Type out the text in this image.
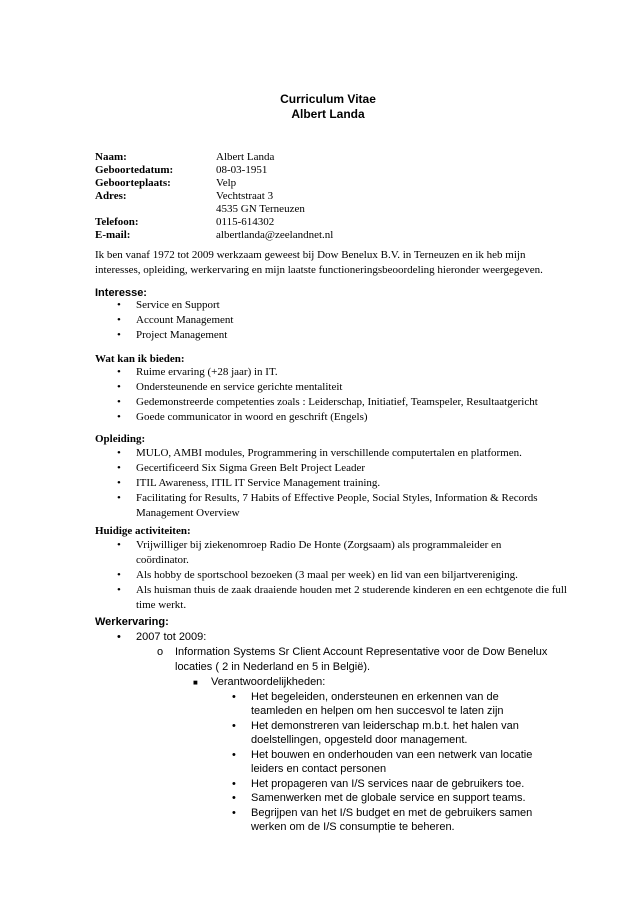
Curriculum Vitae
Albert Landa
Naam:	Albert Landa
Geboortedatum:	08-03-1951
Geboorteplaats:	Velp
Adres:	Vechtstraat 3
4535 GN Terneuzen
Telefoon:	0115-614302
E-mail:	albertlanda@zeelandnet.nl
Ik ben vanaf 1972 tot 2009 werkzaam geweest bij Dow Benelux B.V. in Terneuzen en ik heb mijn interesses, opleiding, werkervaring en mijn laatste functioneringsbeoordeling hieronder weergegeven.
Interesse:
• Service en Support
• Account Management
• Project Management
Wat kan ik bieden:
• Ruime ervaring (+28 jaar) in IT.
• Ondersteunende en service gerichte mentaliteit
• Gedemonstreerde competenties zoals : Leiderschap, Initiatief, Teamspeler, Resultaatgericht
• Goede communicator in woord en geschrift (Engels)
Opleiding:
• MULO, AMBI modules, Programmering in verschillende computertalen en platformen.
• Gecertificeerd Six Sigma Green Belt Project Leader
• ITIL Awareness, ITIL IT Service Management training.
• Facilitating for Results, 7 Habits of Effective People, Social Styles, Information & Records Management Overview
Huidige activiteiten:
• Vrijwilliger bij ziekenomroep Radio De Honte (Zorgsaam) als programmaleider en coördinator.
• Als hobby de sportschool bezoeken (3 maal per week) en lid van een biljartvereniging.
• Als huisman thuis de zaak draaiende houden met 2 studerende kinderen en een echtgenote die full time werkt.
Werkervaring:
• 2007 tot 2009:
o Information Systems Sr Client Account Representative voor de Dow Benelux
locaties ( 2 in Nederland en 5 in België).
■ Verantwoordelijkheden:
• Het begeleiden, ondersteunen en erkennen van de
teamleden en helpen om hen succesvol te laten zijn
• Het demonstreren van leiderschap m.b.t. het halen van
doelstellingen, opgesteld door management.
• Het bouwen en onderhouden van een netwerk van locatie
leiders en contact personen
• Het propageren van I/S services naar de gebruikers toe.
• Samenwerken met de globale service en support teams.
• Begrijpen van het I/S budget en met de gebruikers samen
werken om de I/S consumptie te beheren.
